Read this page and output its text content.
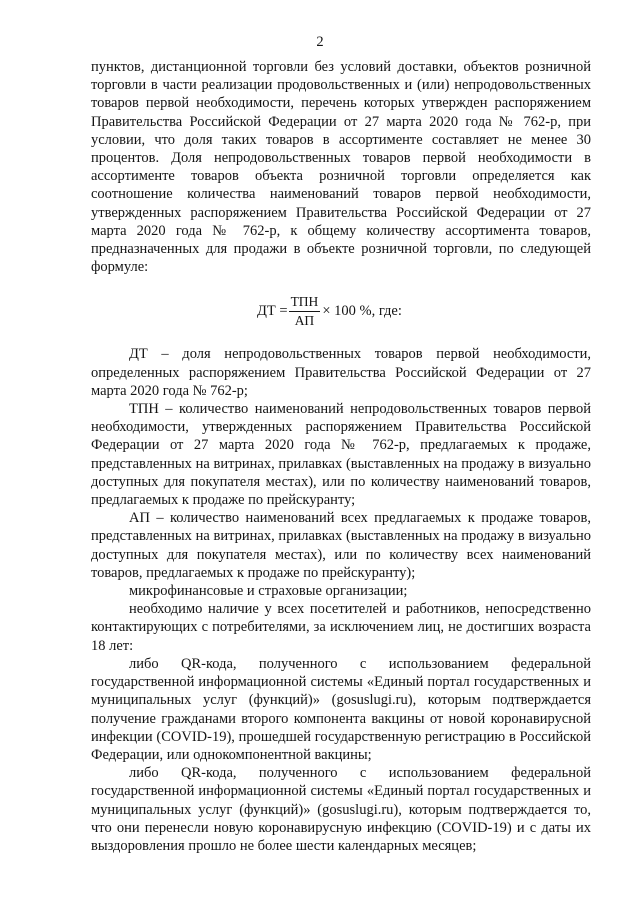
2

пунктов, дистанционной торговли без условий доставки, объектов розничной торговли в части реализации продовольственных и (или) непродовольственных товаров первой необходимости, перечень которых утвержден распоряжением Правительства Российской Федерации от 27 марта 2020 года № 762-р, при условии, что доля таких товаров в ассортименте составляет не менее 30 процентов. Доля непродовольственных товаров первой необходимости в ассортименте товаров объекта розничной торговли определяется как соотношение количества наименований товаров первой необходимости, утвержденных распоряжением Правительства Российской Федерации от 27 марта 2020 года № 762-р, к общему количеству ассортимента товаров, предназначенных для продажи в объекте розничной торговли, по следующей формуле:

ДТ = $\frac{\text{ТПН}}{АП} \times 100$ %, где:

ДТ – доля непродовольственных товаров первой необходимости, определенных распоряжением Правительства Российской Федерации от 27 марта 2020 года № 762-р;

ТПН – количество наименований непродовольственных товаров первой необходимости, утвержденных распоряжением Правительства Российской Федерации от 27 марта 2020 года № 762-р, предлагаемых к продаже, представленных на витринах, прилавках (выставленных на продажу в визуально доступных для покупателя местах), или по количеству наименований товаров, предлагаемых к продаже по прейскуранту;

АП – количество наименований всех предлагаемых к продаже товаров, представленных на витринах, прилавках (выставленных на продажу в визуально доступных для покупателя местах), или по количеству всех наименований товаров, предлагаемых к продаже по прейскуранту);

микрофинансовые и страховые организации;

необходимо наличие у всех посетителей и работников, непосредственно контактирующих с потребителями, за исключением лиц, не достигших возраста 18 лет:

либо QR-кода, полученного с использованием федеральной государственной информационной системы «Единый портал государственных и муниципальных услуг (функций)» (gosuslugi.ru), которым подтверждается получение гражданами второго компонента вакцины от новой коронавирусной инфекции (COVID-19), прошедшей государственную регистрацию в Российской Федерации, или однокомпонентной вакцины;

либо QR-кода, полученного с использованием федеральной государственной информационной системы «Единый портал государственных и муниципальных услуг (функций)» (gosuslugi.ru), которым подтверждается то, что они перенесли новую коронавирусную инфекцию (COVID-19) и с даты их выздоровления прошло не более шести календарных месяцев;
